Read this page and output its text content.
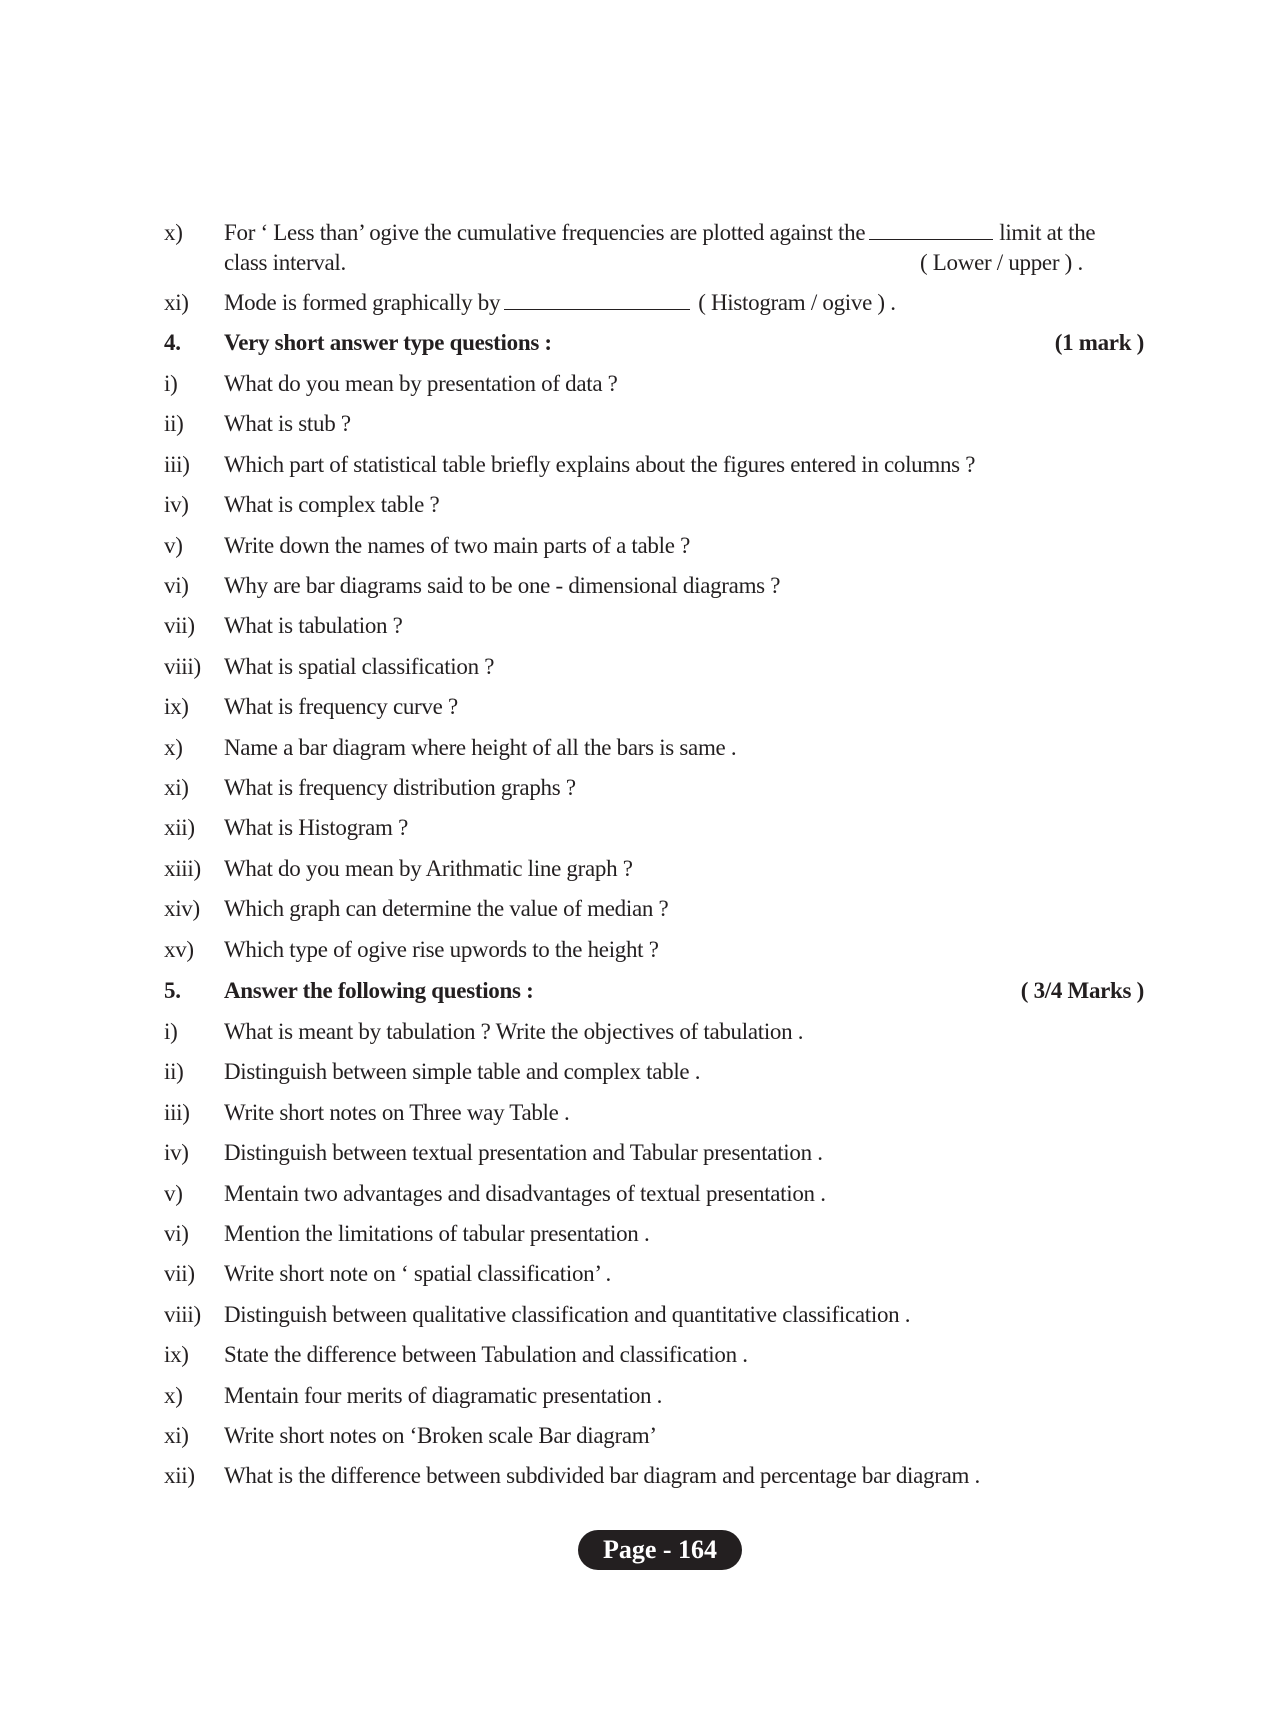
x) For ‘ Less than’ ogive the cumulative frequencies are plotted against the	limit at the
class interval.	( Lower / upper ) .
xi) Mode is formed graphically by	( Histogram / ogive ) .
4. Very short answer type questions :	(1 mark )
i) What do you mean by presentation of data ?
ii) What is stub ?
iii) Which part of statistical table briefly explains about the figures entered in columns ?
iv) What is complex table ?
v) Write down the names of two main parts of a table ?
vi) Why are bar diagrams said to be one - dimensional diagrams ?
vii) What is tabulation ?
viii) What is spatial classification ?
ix) What is frequency curve ?
x) Name a bar diagram where height of all the bars is same .
xi) What is frequency distribution graphs ?
xii) What is Histogram ?
xiii) What do you mean by Arithmatic line graph ?
xiv) Which graph can determine the value of median ?
xv) Which type of ogive rise upwords to the height ?
5. Answer the following questions :	( 3/4 Marks )
i) What is meant by tabulation ? Write the objectives of tabulation .
ii) Distinguish between simple table and complex table .
iii) Write short notes on Three way Table .
iv) Distinguish between textual presentation and Tabular presentation .
v) Mentain two advantages and disadvantages of textual presentation .
vi) Mention the limitations of tabular presentation .
vii) Write short note on ‘ spatial classification’ .
viii) Distinguish between qualitative classification and quantitative classification .
ix) State the difference between Tabulation and classification .
x) Mentain four merits of diagramatic presentation .
xi) Write short notes on ‘Broken scale Bar diagram’
xii) What is the difference between subdivided bar diagram and percentage bar diagram .
Page - 164
